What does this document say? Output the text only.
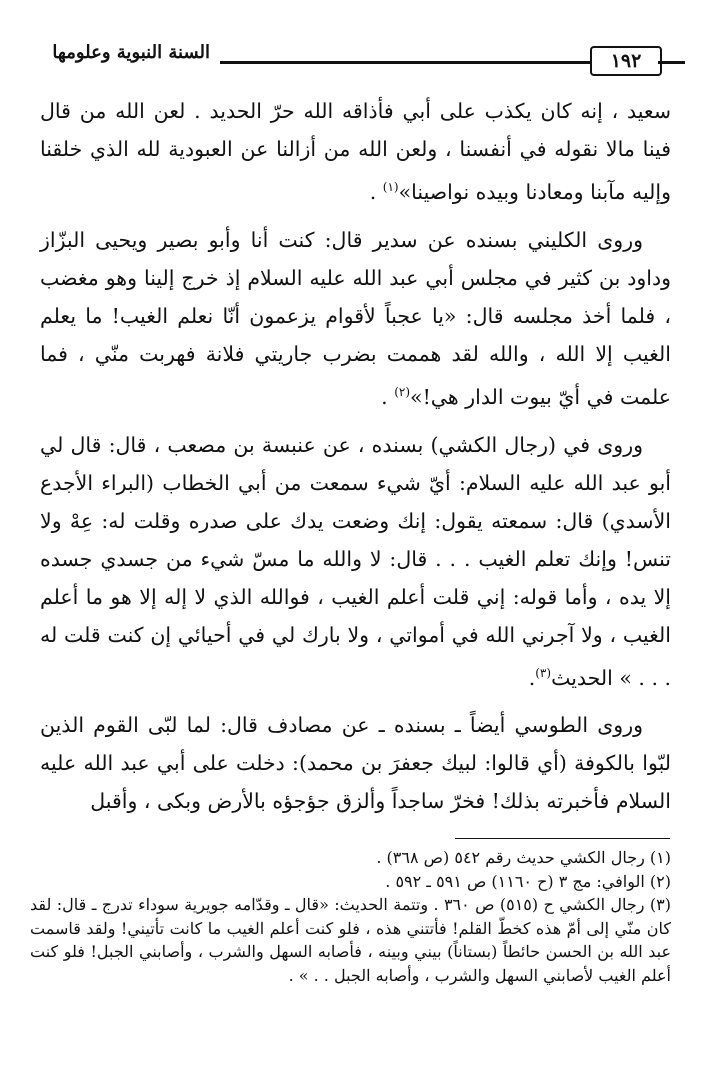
السنة النبوية وعلومها	١٩٢

سعيد ، إنه كان يكذب على أبي فأذاقه الله حرّ الحديد . لعن الله من قال فينا مالا نقوله في أنفسنا ، ولعن الله من أزالنا عن العبودية لله الذي خلقنا وإليه مآبنا ومعادنا وبيده نواصينا»$^{(١)}$ .

وروى الكليني بسنده عن سدير قال: كنت أنا وأبو بصير ويحيى البزّاز وداود بن كثير في مجلس أبي عبد الله عليه السلام إذ خرج إلينا وهو مغضب ، فلما أخذ مجلسه قال: «يا عجباً لأقوام يزعمون أنّا نعلم الغيب! ما يعلم الغيب إلا الله ، والله لقد هممت بضرب جاريتي فلانة فهربت منّي ، فما علمت في أيّ بيوت الدار هي!»$^{(٢)}$ .

وروى في (رجال الكشي) بسنده ، عن عنبسة بن مصعب ، قال: قال لي أبو عبد الله عليه السلام: أيّ شيء سمعت من أبي الخطاب (البراء الأجدع الأسدي) قال: سمعته يقول: إنك وضعت يدك على صدره وقلت له: عِهْ ولا تنس! وإنك تعلم الغيب . . . قال: لا والله ما مسّ شيء من جسدي جسده إلا يده ، وأما قوله: إني قلت أعلم الغيب ، فوالله الذي لا إله إلا هو ما أعلم الغيب ، ولا آجرني الله في أمواتي ، ولا بارك لي في أحيائي إن كنت قلت له . . . » الحديث$^{(٣)}$.

وروى الطوسي أيضاً ـ بسنده ـ عن مصادف قال: لما لبّى القوم الذين لبّوا بالكوفة (أي قالوا: لبيك جعفرَ بن محمد): دخلت على أبي عبد الله عليه السلام فأخبرته بذلك! فخرّ ساجداً وألزق جؤجؤه بالأرض وبكى ، وأقبل

(١) رجال الكشي حديث رقم ٥٤٢ (ص ٣٦٨) .

(٢) الوافي: مج ٣ (ح ١١٦٠) ص ٥٩١ ـ ٥٩٢ .

(٣) رجال الكشي ح (٥١٥) ص ٣٦٠ . وتتمة الحديث: «قال ـ وقدّامه جويرية سوداء تدرج ـ قال: لقد كان منّي إلى أمّ هذه كخطّ القلم! فأتتني هذه ، فلو كنت أعلم الغيب ما كانت تأتيني! ولقد قاسمت عبد الله بن الحسن حائطاً (بستاناً) بيني وبينه ، فأصابه السهل والشرب ، وأصابني الجبل! فلو كنت أعلم الغيب لأصابني السهل والشرب ، وأصابه الجبل . . » .
